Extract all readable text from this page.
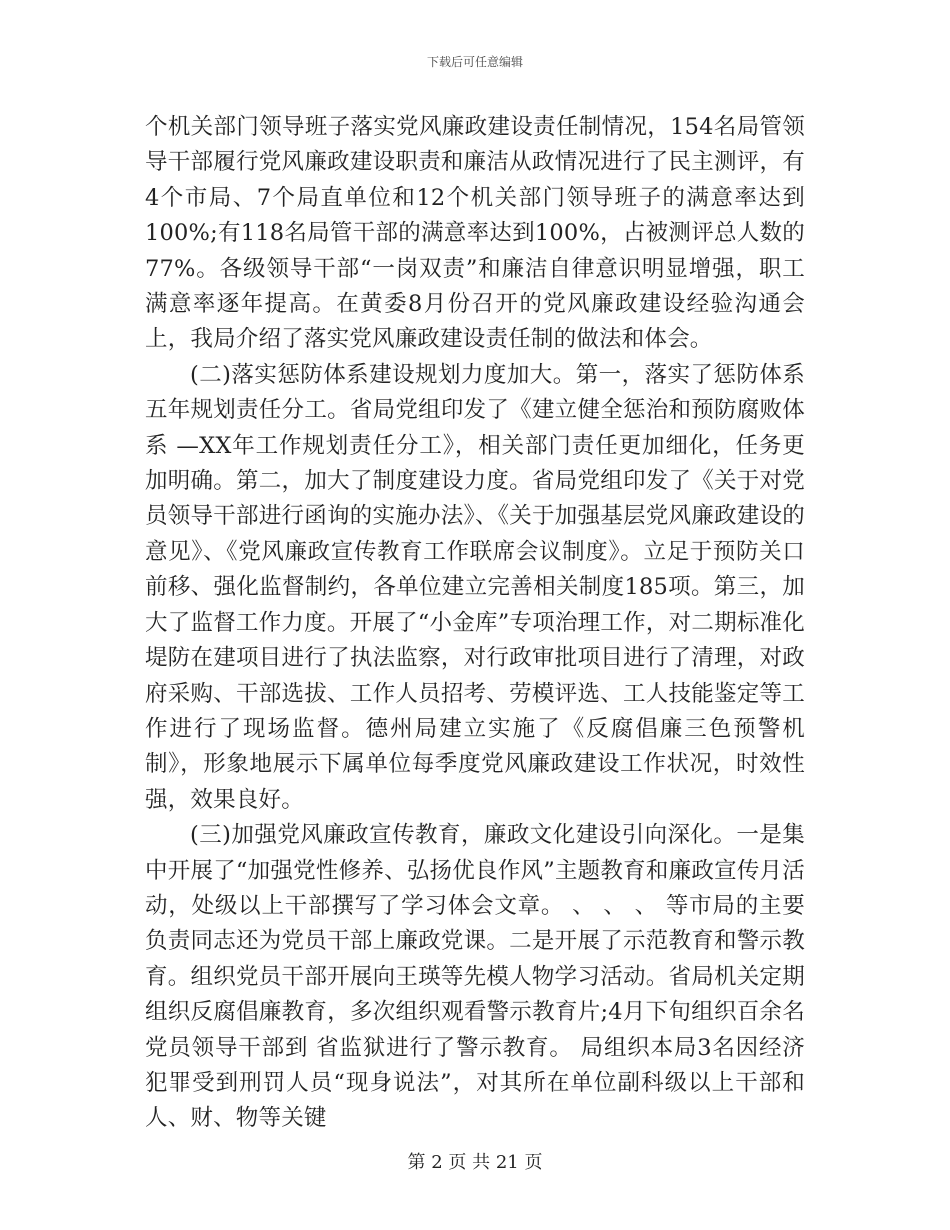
下载后可任意编辑

个机关部门领导班子落实党风廉政建设责任制情况，154名局管领导干部履行党风廉政建设职责和廉洁从政情况进行了民主测评，有4个市局、7个局直单位和12个机关部门领导班子的满意率达到100%;有118名局管干部的满意率达到100%，占被测评总人数的77%。各级领导干部“一岗双责”和廉洁自律意识明显增强，职工满意率逐年提高。在黄委8月份召开的党风廉政建设经验沟通会上，我局介绍了落实党风廉政建设责任制的做法和体会。

(二)落实惩防体系建设规划力度加大。第一，落实了惩防体系五年规划责任分工。省局党组印发了《建立健全惩治和预防腐败体系 —XX年工作规划责任分工》，相关部门责任更加细化，任务更加明确。第二，加大了制度建设力度。省局党组印发了《关于对党员领导干部进行函询的实施办法》、《关于加强基层党风廉政建设的意见》、《党风廉政宣传教育工作联席会议制度》。立足于预防关口前移、强化监督制约，各单位建立完善相关制度185项。第三，加大了监督工作力度。开展了“小金库”专项治理工作，对二期标准化堤防在建项目进行了执法监察，对行政审批项目进行了清理，对政府采购、干部选拔、工作人员招考、劳模评选、工人技能鉴定等工作进行了现场监督。德州局建立实施了《反腐倡廉三色预警机制》，形象地展示下属单位每季度党风廉政建设工作状况，时效性强，效果良好。

(三)加强党风廉政宣传教育，廉政文化建设引向深化。一是集中开展了“加强党性修养、弘扬优良作风”主题教育和廉政宣传月活动，处级以上干部撰写了学习体会文章。 、 、 、 等市局的主要负责同志还为党员干部上廉政党课。二是开展了示范教育和警示教育。组织党员干部开展向王瑛等先模人物学习活动。省局机关定期组织反腐倡廉教育，多次组织观看警示教育片;4月下旬组织百余名党员领导干部到 省监狱进行了警示教育。 局组织本局3名因经济犯罪受到刑罚人员“现身说法”，对其所在单位副科级以上干部和人、财、物等关键

第 2 页 共 21 页
